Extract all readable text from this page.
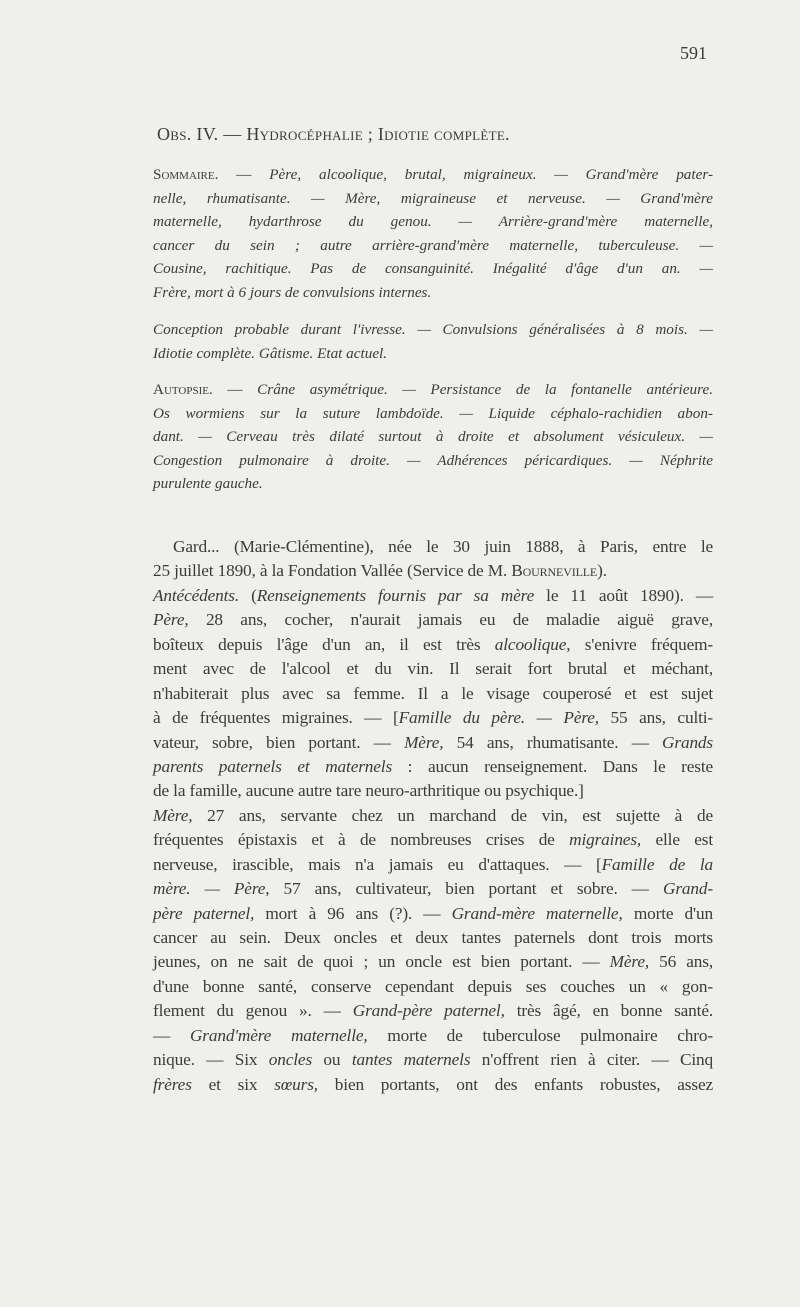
591
Obs. IV. — Hydrocéphalie ; Idiotie complète.
Sommaire. — Père, alcoolique, brutal, migraineux. — Grand'mère pater-
nelle, rhumatisante. — Mère, migraineuse et nerveuse. — Grand'mère
maternelle, hydarthrose du genou. — Arrière-grand'mère maternelle,
cancer du sein ; autre arrière-grand'mère maternelle, tuberculeuse. —
Cousine, rachitique. Pas de consanguinité. Inégalité d'âge d'un an. —
Frère, mort à 6 jours de convulsions internes.
Conception probable durant l'ivresse. — Convulsions généralisées à 8 mois. —
Idiotie complète. Gâtisme. Etat actuel.
Autopsie. — Crâne asymétrique. — Persistance de la fontanelle antérieure.
Os wormiens sur la suture lambdoïde. — Liquide céphalo-rachidien abon-
dant. — Cerveau très dilaté surtout à droite et absolument vésiculeux. —
Congestion pulmonaire à droite. — Adhérences péricardiques. — Néphrite
purulente gauche.
Gard... (Marie-Clémentine), née le 30 juin 1888, à Paris, entre le
25 juillet 1890, à la Fondation Vallée (Service de M. Bourneville).
Antécédents. (Renseignements fournis par sa mère le 11 août 1890). —
Père, 28 ans, cocher, n'aurait jamais eu de maladie aiguë grave,
boîteux depuis l'âge d'un an, il est très alcoolique, s'enivre fréquem-
ment avec de l'alcool et du vin. Il serait fort brutal et méchant,
n'habiterait plus avec sa femme. Il a le visage couperosé et est sujet
à de fréquentes migraines. — [Famille du père. — Père, 55 ans, culti-
vateur, sobre, bien portant. — Mère, 54 ans, rhumatisante. — Grands
parents paternels et maternels : aucun renseignement. Dans le reste
de la famille, aucune autre tare neuro-arthritique ou psychique.]
Mère, 27 ans, servante chez un marchand de vin, est sujette à de
fréquentes épistaxis et à de nombreuses crises de migraines, elle est
nerveuse, irascible, mais n'a jamais eu d'attaques. — [Famille de la
mère. — Père, 57 ans, cultivateur, bien portant et sobre. — Grand-
père paternel, mort à 96 ans (?). — Grand-mère maternelle, morte d'un
cancer au sein. Deux oncles et deux tantes paternels dont trois morts
jeunes, on ne sait de quoi ; un oncle est bien portant. — Mère, 56 ans,
d'une bonne santé, conserve cependant depuis ses couches un « gon-
flement du genou ». — Grand-père paternel, très âgé, en bonne santé.
— Grand'mère maternelle, morte de tuberculose pulmonaire chro-
nique. — Six oncles ou tantes maternels n'offrent rien à citer. — Cinq
frères et six sœurs, bien portants, ont des enfants robustes, assez
